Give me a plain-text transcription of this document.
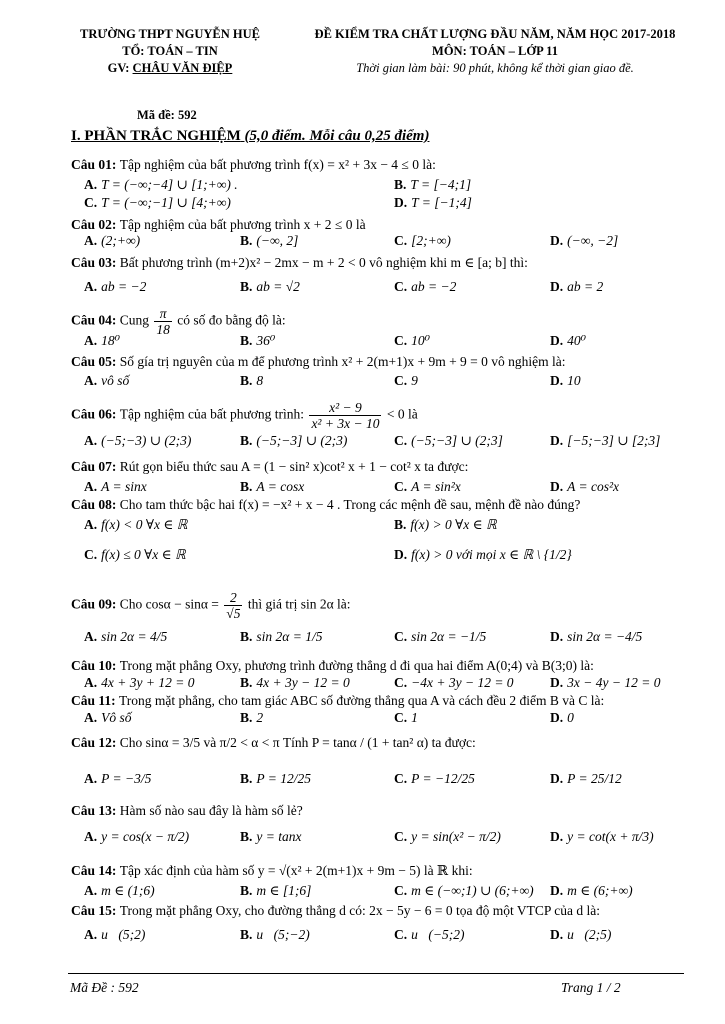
TRƯỜNG THPT NGUYỄN HUỆ
TỔ: TOÁN – TIN
GV: CHÂU VĂN ĐIỆP
ĐỀ KIỂM TRA CHẤT LƯỢNG ĐẦU NĂM, NĂM HỌC 2017-2018
MÔN: TOÁN – LỚP 11
Thời gian làm bài: 90 phút, không kể thời gian giao đề.
Mã đề: 592
I. PHẦN TRẮC NGHIỆM (5,0 điểm. Mỗi câu 0,25 điểm)
Câu 01: Tập nghiệm của bất phương trình f(x) = x² + 3x − 4 ≤ 0 là:
A. T = (−∞;−4] ∪ [1;+∞) .	B. T = [−4;1]
C. T = (−∞;−1] ∪ [4;+∞)	D. T = [−1;4]
Câu 02: Tập nghiệm của bất phương trình x + 2 ≤ 0 là
A. (2;+∞)	B. (−∞, 2]	C. [2;+∞)	D. (−∞, −2]
Câu 03: Bất phương trình (m+2)x² − 2mx − m + 2 < 0 vô nghiệm khi m ∈ [a; b] thì:
A. ab = −2	B. ab = √2	C. ab = −2	D. ab = 2
Câu 04: Cung $\frac{\pi}{18}$ có số đo bằng độ là:
A. 18⁰	B. 36⁰	C. 10⁰	D. 40⁰
Câu 05: Số gía trị nguyên của m để phương trình x² + 2(m+1)x + 9m + 9 = 0 vô nghiệm là:
A. vô số	B. 8	C. 9	D. 10
Câu 06: Tập nghiệm của bất phương trình: $\frac{\text{x² − 9}}{\text{x² + 3x − 10}} < 0$ là
A. (−5;−3) ∪ (2;3)	B. (−5;−3] ∪ (2;3)	C. (−5;−3] ∪ (2;3]	D. [−5;−3] ∪ [2;3]
Câu 07: Rút gọn biểu thức sau A = (1 − sin² x)cot² x + 1 − cot² x ta được:
A. A = sinx	B. A = cosx	C. A = sin²x	D. A = cos²x
Câu 08: Cho tam thức bậc hai f(x) = −x² + x − 4 . Trong các mệnh đề sau, mệnh đề nào đúng?
A. f(x) < 0 ∀x ∈ ℝ	B. f(x) > 0 ∀x ∈ ℝ
C. f(x) ≤ 0 ∀x ∈ ℝ	D. f(x) > 0 với mọi x ∈ ℝ \ {1/2}
Câu 09: Cho $\cos\alpha - \sin\alpha = \frac{2}{√5}$ thì giá trị sin 2α là:
A. sin 2α = 4/5	B. sin 2α = 1/5	C. sin 2α = −1/5	D. sin 2α = −4/5
Câu 10: Trong mặt phẳng Oxy, phương trình đường thẳng d đi qua hai điểm A(0;4) và B(3;0) là:
A. 4x + 3y + 12 = 0	B. 4x + 3y − 12 = 0	C. −4x + 3y − 12 = 0	D. 3x − 4y − 12 = 0
Câu 11: Trong mặt phẳng, cho tam giác ABC số đường thẳng qua A và cách đều 2 điểm B và C là:
A. Vô số	B. 2	C. 1	D. 0
Câu 12: Cho sinα = 3/5 và π/2 < α < π Tính P = tanα / (1 + tan² α) ta được:
A. P = −3/5	B. P = 12/25	C. P = −12/25	D. P = 25/12
Câu 13: Hàm số nào sau đây là hàm số lẻ?
A. y = cos(x − π/2)	B. y = tanx	C. y = sin(x² − π/2)	D. y = cot(x + π/3)
Câu 14: Tập xác định của hàm số y = √(x² + 2(m+1)x + 9m − 5) là ℝ khi:
A. m ∈ (1;6)	B. m ∈ [1;6]	C. m ∈ (−∞;1) ∪ (6;+∞) D. m ∈ (6;+∞)
Câu 15: Trong mặt phẳng Oxy, cho đường thẳng d có: 2x − 5y − 6 = 0 tọa độ một VTCP của d là:
A. u⃗(5;2)	B. u⃗(5;−2)	C. u⃗(−5;2)	D. u⃗(2;5)
Mã Đề : 592	Trang 1 / 2
